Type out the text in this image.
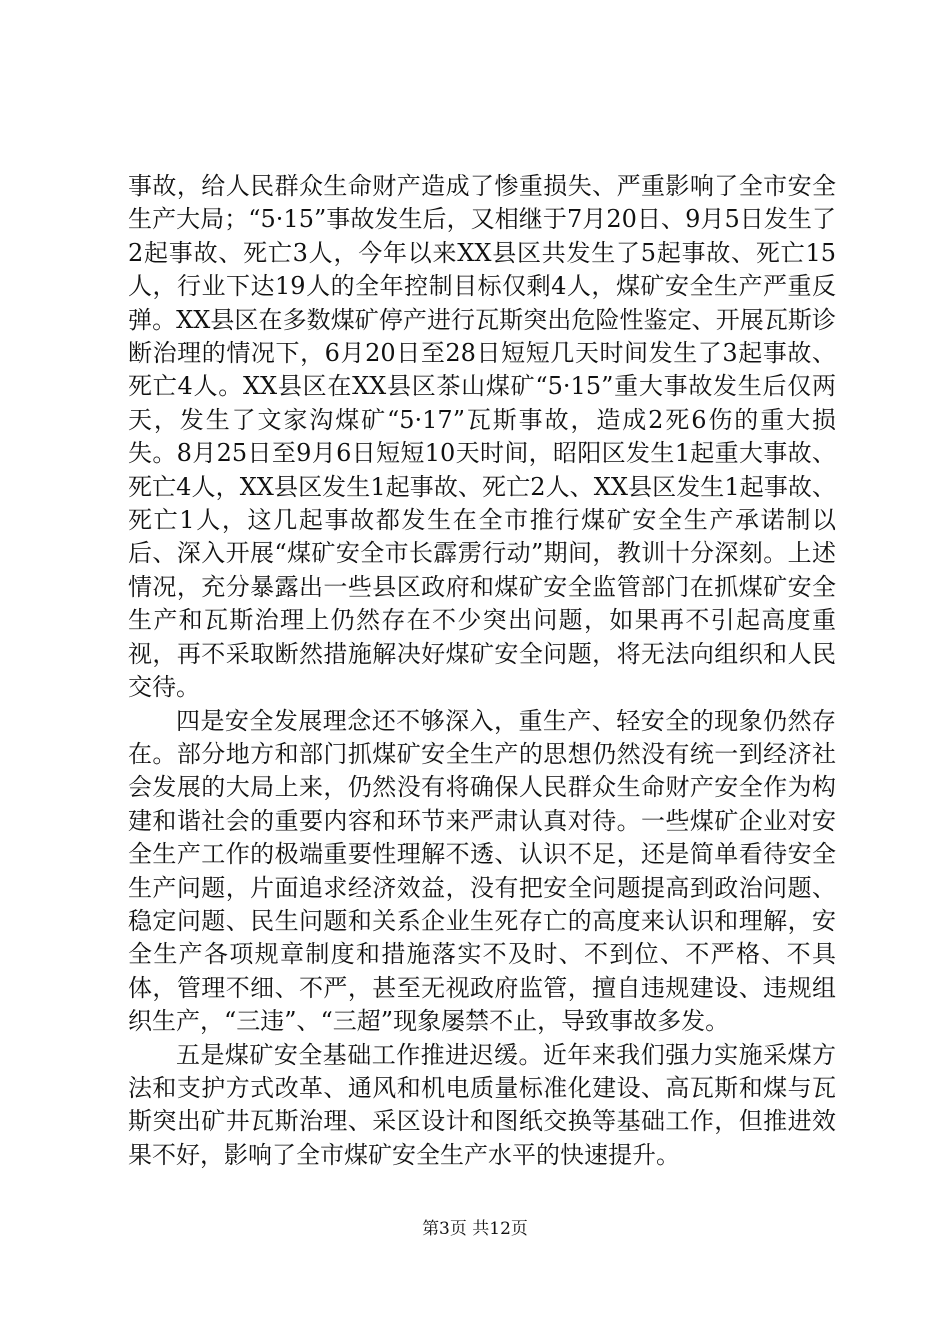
事故，给人民群众生命财产造成了惨重损失、严重影响了全市安全生产大局；“5·15”事故发生后，又相继于7月20日、9月5日发生了2起事故、死亡3人，今年以来XX县区共发生了5起事故、死亡15人，行业下达19人的全年控制目标仅剩4人，煤矿安全生产严重反弹。XX县区在多数煤矿停产进行瓦斯突出危险性鉴定、开展瓦斯诊断治理的情况下，6月20日至28日短短几天时间发生了3起事故、死亡4人。XX县区在XX县区茶山煤矿“5·15”重大事故发生后仅两天，发生了文家沟煤矿“5·17”瓦斯事故，造成2死6伤的重大损失。8月25日至9月6日短短10天时间，昭阳区发生1起重大事故、死亡4人，XX县区发生1起事故、死亡2人、XX县区发生1起事故、死亡1人，这几起事故都发生在全市推行煤矿安全生产承诺制以后、深入开展“煤矿安全市长霹雳行动”期间，教训十分深刻。上述情况，充分暴露出一些县区政府和煤矿安全监管部门在抓煤矿安全生产和瓦斯治理上仍然存在不少突出问题，如果再不引起高度重视，再不采取断然措施解决好煤矿安全问题，将无法向组织和人民交待。

四是安全发展理念还不够深入，重生产、轻安全的现象仍然存在。部分地方和部门抓煤矿安全生产的思想仍然没有统一到经济社会发展的大局上来，仍然没有将确保人民群众生命财产安全作为构建和谐社会的重要内容和环节来严肃认真对待。一些煤矿企业对安全生产工作的极端重要性理解不透、认识不足，还是简单看待安全生产问题，片面追求经济效益，没有把安全问题提高到政治问题、稳定问题、民生问题和关系企业生死存亡的高度来认识和理解，安全生产各项规章制度和措施落实不及时、不到位、不严格、不具体，管理不细、不严，甚至无视政府监管，擅自违规建设、违规组织生产，“三违”、“三超”现象屡禁不止，导致事故多发。

五是煤矿安全基础工作推进迟缓。近年来我们强力实施采煤方法和支护方式改革、通风和机电质量标准化建设、高瓦斯和煤与瓦斯突出矿井瓦斯治理、采区设计和图纸交换等基础工作，但推进效果不好，影响了全市煤矿安全生产水平的快速提升。

第3页 共12页
